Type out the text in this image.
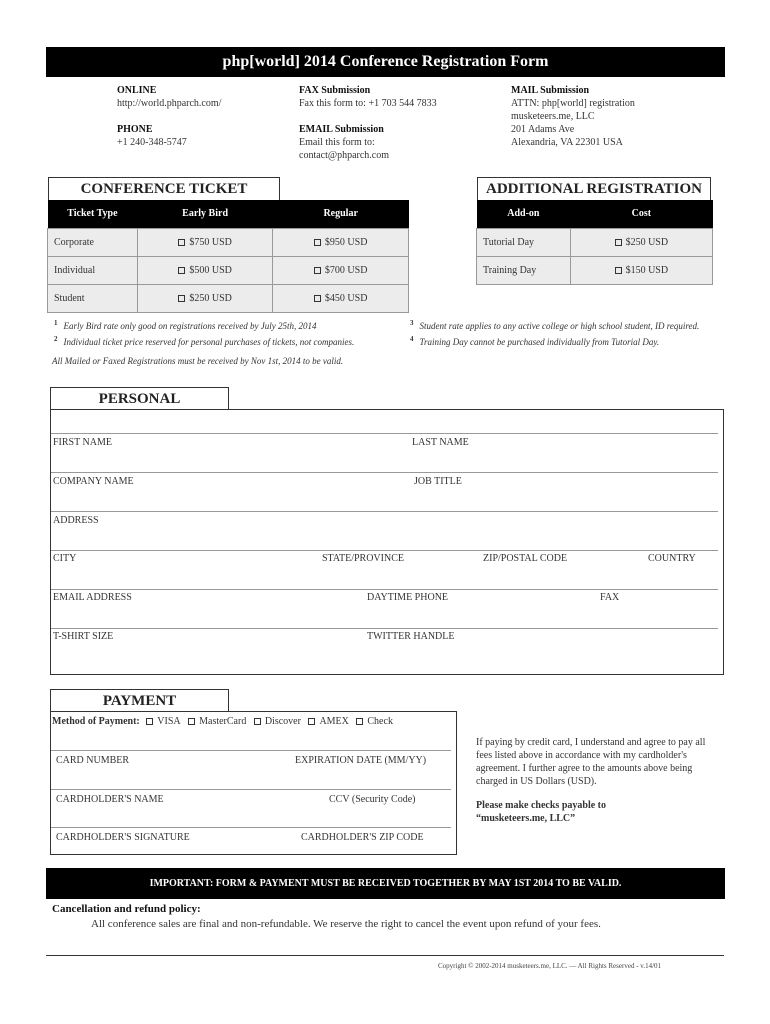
php[world] 2014 Conference Registration Form
ONLINE
http://world.phparch.com/
PHONE
+1 240-348-5747
FAX Submission
Fax this form to: +1 703 544 7833
EMAIL Submission
Email this form to:
contact@phparch.com
MAIL Submission
ATTN: php[world] registration
musketeers.me, LLC
201 Adams Ave
Alexandria, VA 22301 USA
CONFERENCE TICKET
Ticket Type	Early Bird	Regular
Corporate	$750 USD	$950 USD
Individual	$500 USD	$700 USD
Student	$250 USD	$450 USD
ADDITIONAL REGISTRATION
Add-on	Cost
Tutorial Day	$250 USD
Training Day	$150 USD
$^1$ Early Bird rate only good on registrations received by July 25th, 2014
$^2$ Individual ticket price reserved for personal purchases of tickets, not companies.
$^3$ Student rate applies to any active college or high school student, ID required.
$^4$ Training Day cannot be purchased individually from Tutorial Day.
All Mailed or Faxed Registrations must be received by Nov 1st, 2014 to be valid.
PERSONAL
FIRST NAME	LAST NAME
COMPANY NAME	JOB TITLE
ADDRESS
CITY	STATE/PROVINCE	ZIP/POSTAL CODE	COUNTRY
EMAIL ADDRESS	DAYTIME PHONE	FAX
T-SHIRT SIZE	TWITTER HANDLE
PAYMENT
Method of Payment: VISA MasterCard Discover AMEX Check
CARD NUMBER	EXPIRATION DATE (MM/YY)
CARDHOLDER'S NAME	CCV (Security Code)
CARDHOLDER'S SIGNATURE	CARDHOLDER'S ZIP CODE
If paying by credit card, I understand and agree to pay all fees listed above in accordance with my cardholder's agreement. I further agree to the amounts above being charged in US Dollars (USD).
Please make checks payable to “musketeers.me, LLC”
IMPORTANT: FORM & PAYMENT MUST BE RECEIVED TOGETHER BY MAY 1ST 2014 TO BE VALID.
Cancellation and refund policy:
All conference sales are final and non-refundable. We reserve the right to cancel the event upon refund of your fees.
Copyright © 2002-2014 musketeers.me, LLC. — All Rights Reserved - v.14/01
